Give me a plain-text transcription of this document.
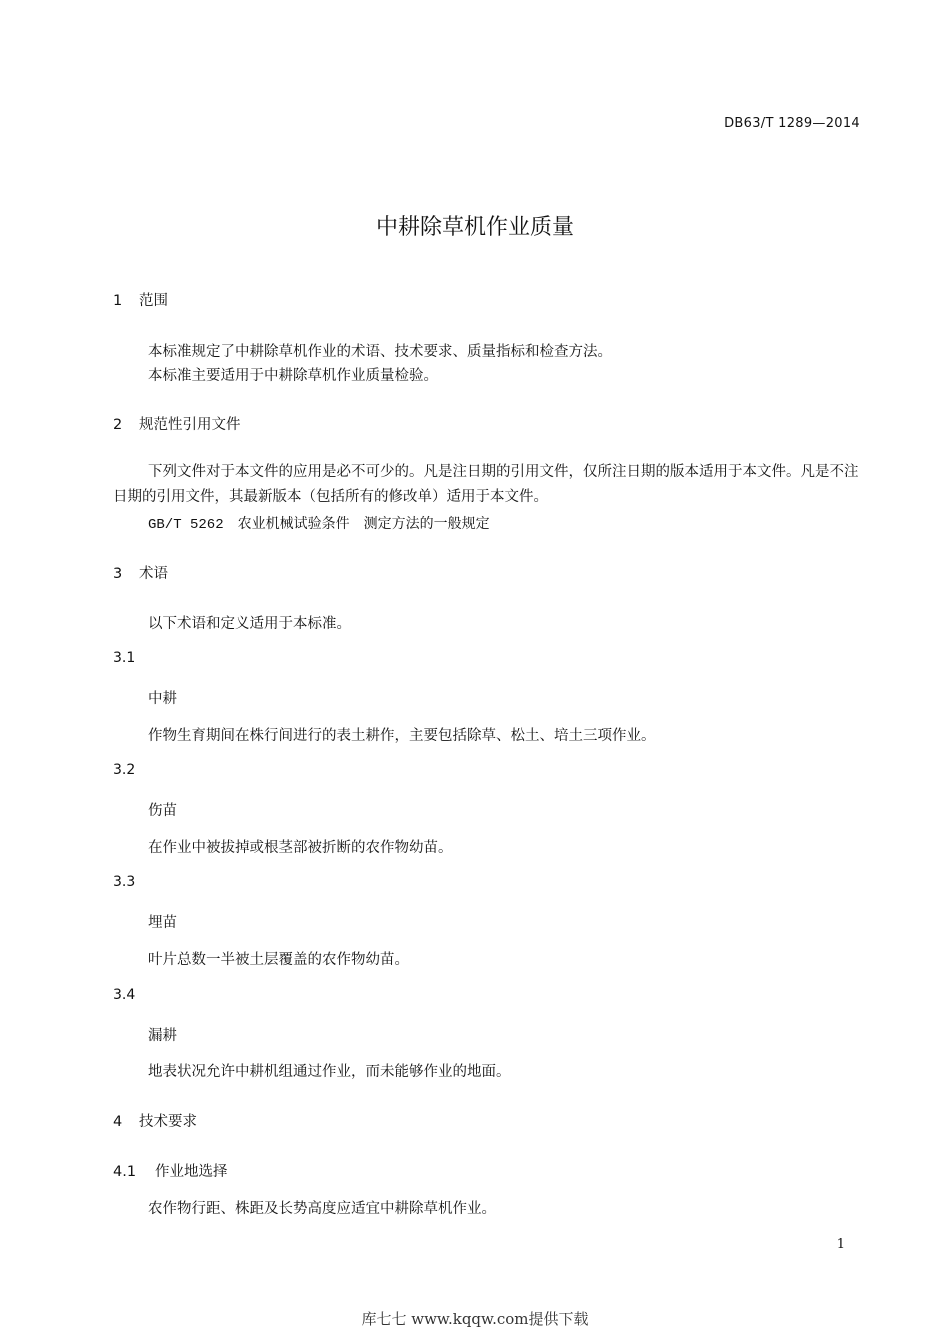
DB63/T 1289—2014
中耕除草机作业质量
1 范围
本标准规定了中耕除草机作业的术语、技术要求、质量指标和检查方法。
本标准主要适用于中耕除草机作业质量检验。
2 规范性引用文件
下列文件对于本文件的应用是必不可少的。凡是注日期的引用文件，仅所注日期的版本适用于本文件。凡是不注日期的引用文件，其最新版本（包括所有的修改单）适用于本文件。
GB/T 5262　农业机械试验条件　测定方法的一般规定
3 术语
以下术语和定义适用于本标准。
3.1
中耕
作物生育期间在株行间进行的表土耕作，主要包括除草、松土、培土三项作业。
3.2
伤苗
在作业中被拔掉或根茎部被折断的农作物幼苗。
3.3
埋苗
叶片总数一半被土层覆盖的农作物幼苗。
3.4
漏耕
地表状况允许中耕机组通过作业，而未能够作业的地面。
4 技术要求
4.1 作业地选择
农作物行距、株距及长势高度应适宜中耕除草机作业。
1
库七七 www.kqqw.com提供下载
